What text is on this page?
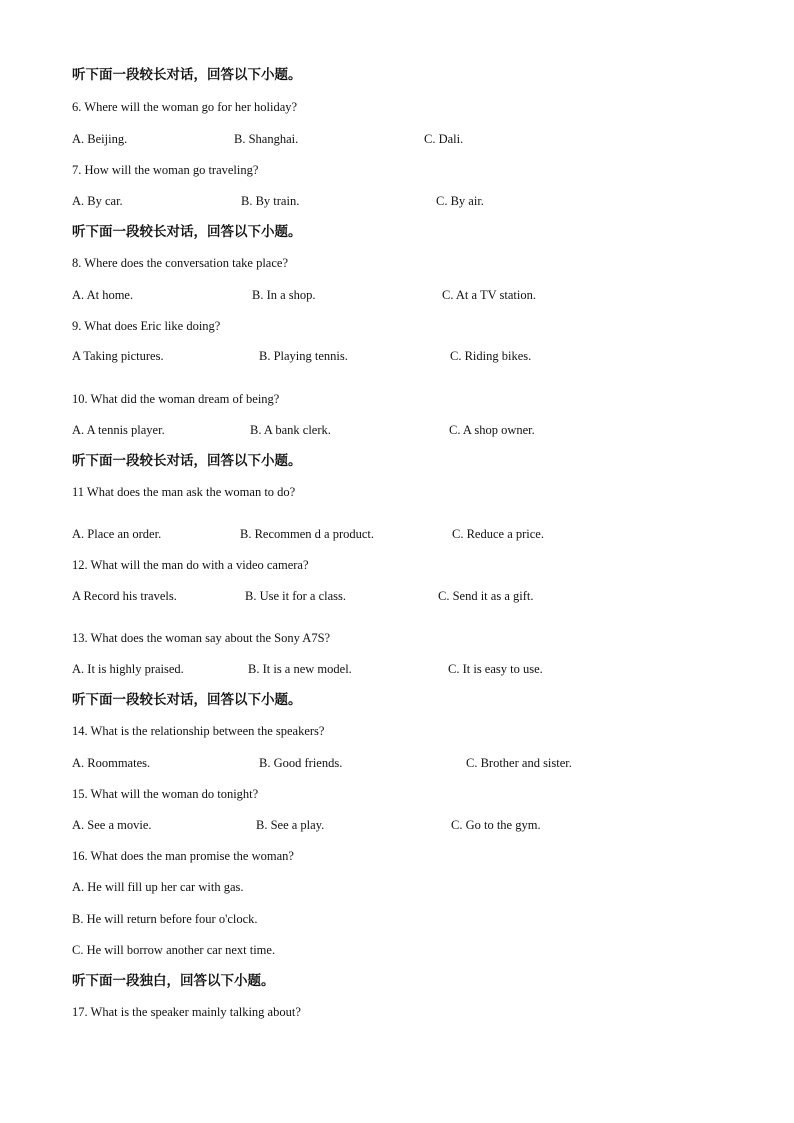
听下面一段较长对话，回答以下小题。
6. Where will the woman go for her holiday?
A. Beijing.	B. Shanghai.	C. Dali.
7. How will the woman go traveling?
A. By car.	B. By train.	C. By air.
听下面一段较长对话，回答以下小题。
8. Where does the conversation take place?
A. At home.	B. In a shop.	C. At a TV station.
9. What does Eric like doing?
A Taking pictures.	B. Playing tennis.	C. Riding bikes.
10. What did the woman dream of being?
A. A tennis player.	B. A bank clerk.	C. A shop owner.
听下面一段较长对话，回答以下小题。
11 What does the man ask the woman to do?
A. Place an order.	B. Recommen d a product.	C. Reduce a price.
12. What will the man do with a video camera?
A Record his travels.	B. Use it for a class.	C. Send it as a gift.
13. What does the woman say about the Sony A7S?
A. It is highly praised.	B. It is a new model.	C. It is easy to use.
听下面一段较长对话，回答以下小题。
14. What is the relationship between the speakers?
A. Roommates.	B. Good friends.	C. Brother and sister.
15. What will the woman do tonight?
A. See a movie.	B. See a play.	C. Go to the gym.
16. What does the man promise the woman?
A. He will fill up her car with gas.
B. He will return before four o'clock.
C. He will borrow another car next time.
听下面一段独白，回答以下小题。
17. What is the speaker mainly talking about?
